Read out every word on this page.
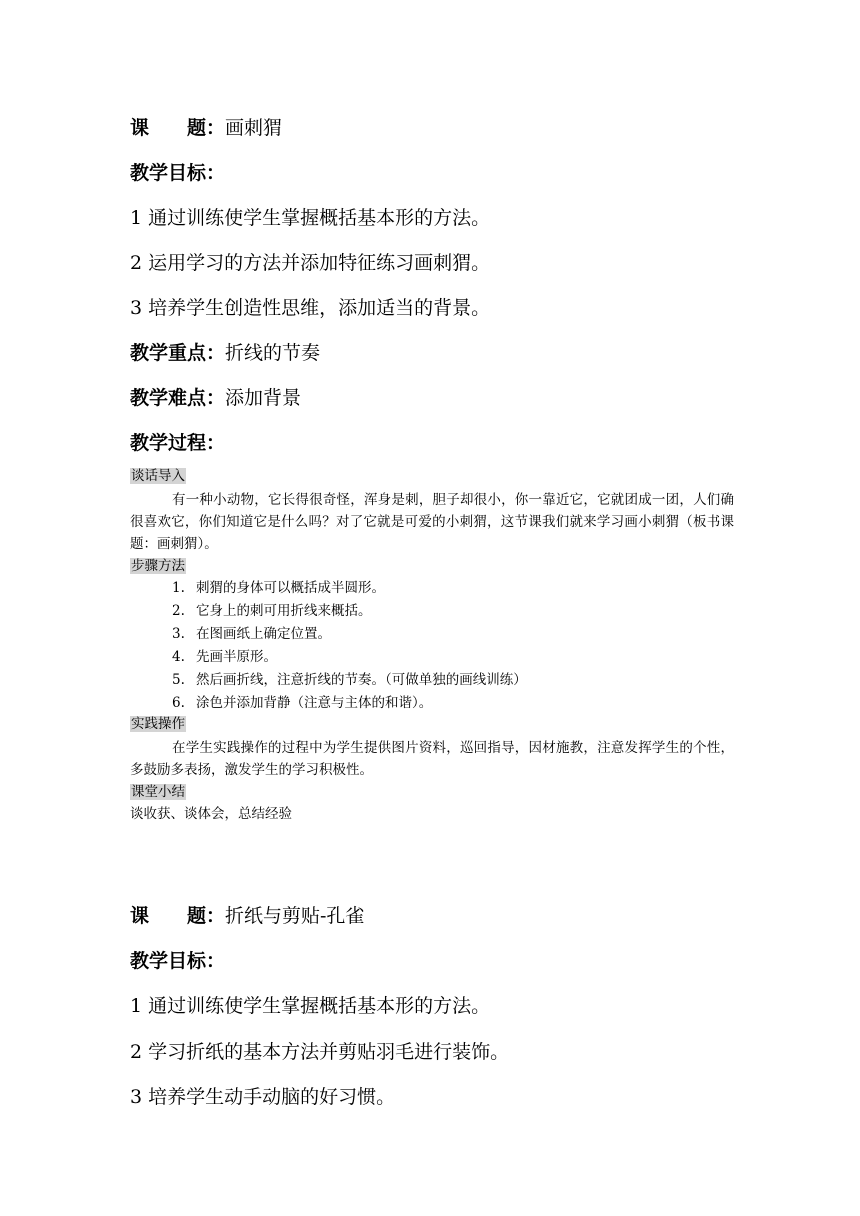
课　　题：画刺猬
教学目标：
1 通过训练使学生掌握概括基本形的方法。
2 运用学习的方法并添加特征练习画刺猬。
3 培养学生创造性思维，添加适当的背景。
教学重点：折线的节奏
教学难点：添加背景
教学过程：
谈话导入
有一种小动物，它长得很奇怪，浑身是刺，胆子却很小，你一靠近它，它就团成一团，人们确很喜欢它，你们知道它是什么吗？对了它就是可爱的小刺猬，这节课我们就来学习画小刺猬（板书课题：画刺猬）。
步骤方法
1. 刺猬的身体可以概括成半圆形。
2. 它身上的刺可用折线来概括。
3. 在图画纸上确定位置。
4. 先画半原形。
5. 然后画折线，注意折线的节奏。（可做单独的画线训练）
6. 涂色并添加背静（注意与主体的和谐）。
实践操作
在学生实践操作的过程中为学生提供图片资料，巡回指导，因材施教，注意发挥学生的个性，多鼓励多表扬，激发学生的学习积极性。
课堂小结
谈收获、谈体会，总结经验
课　　题：折纸与剪贴-孔雀
教学目标：
1 通过训练使学生掌握概括基本形的方法。
2 学习折纸的基本方法并剪贴羽毛进行装饰。
3 培养学生动手动脑的好习惯。
